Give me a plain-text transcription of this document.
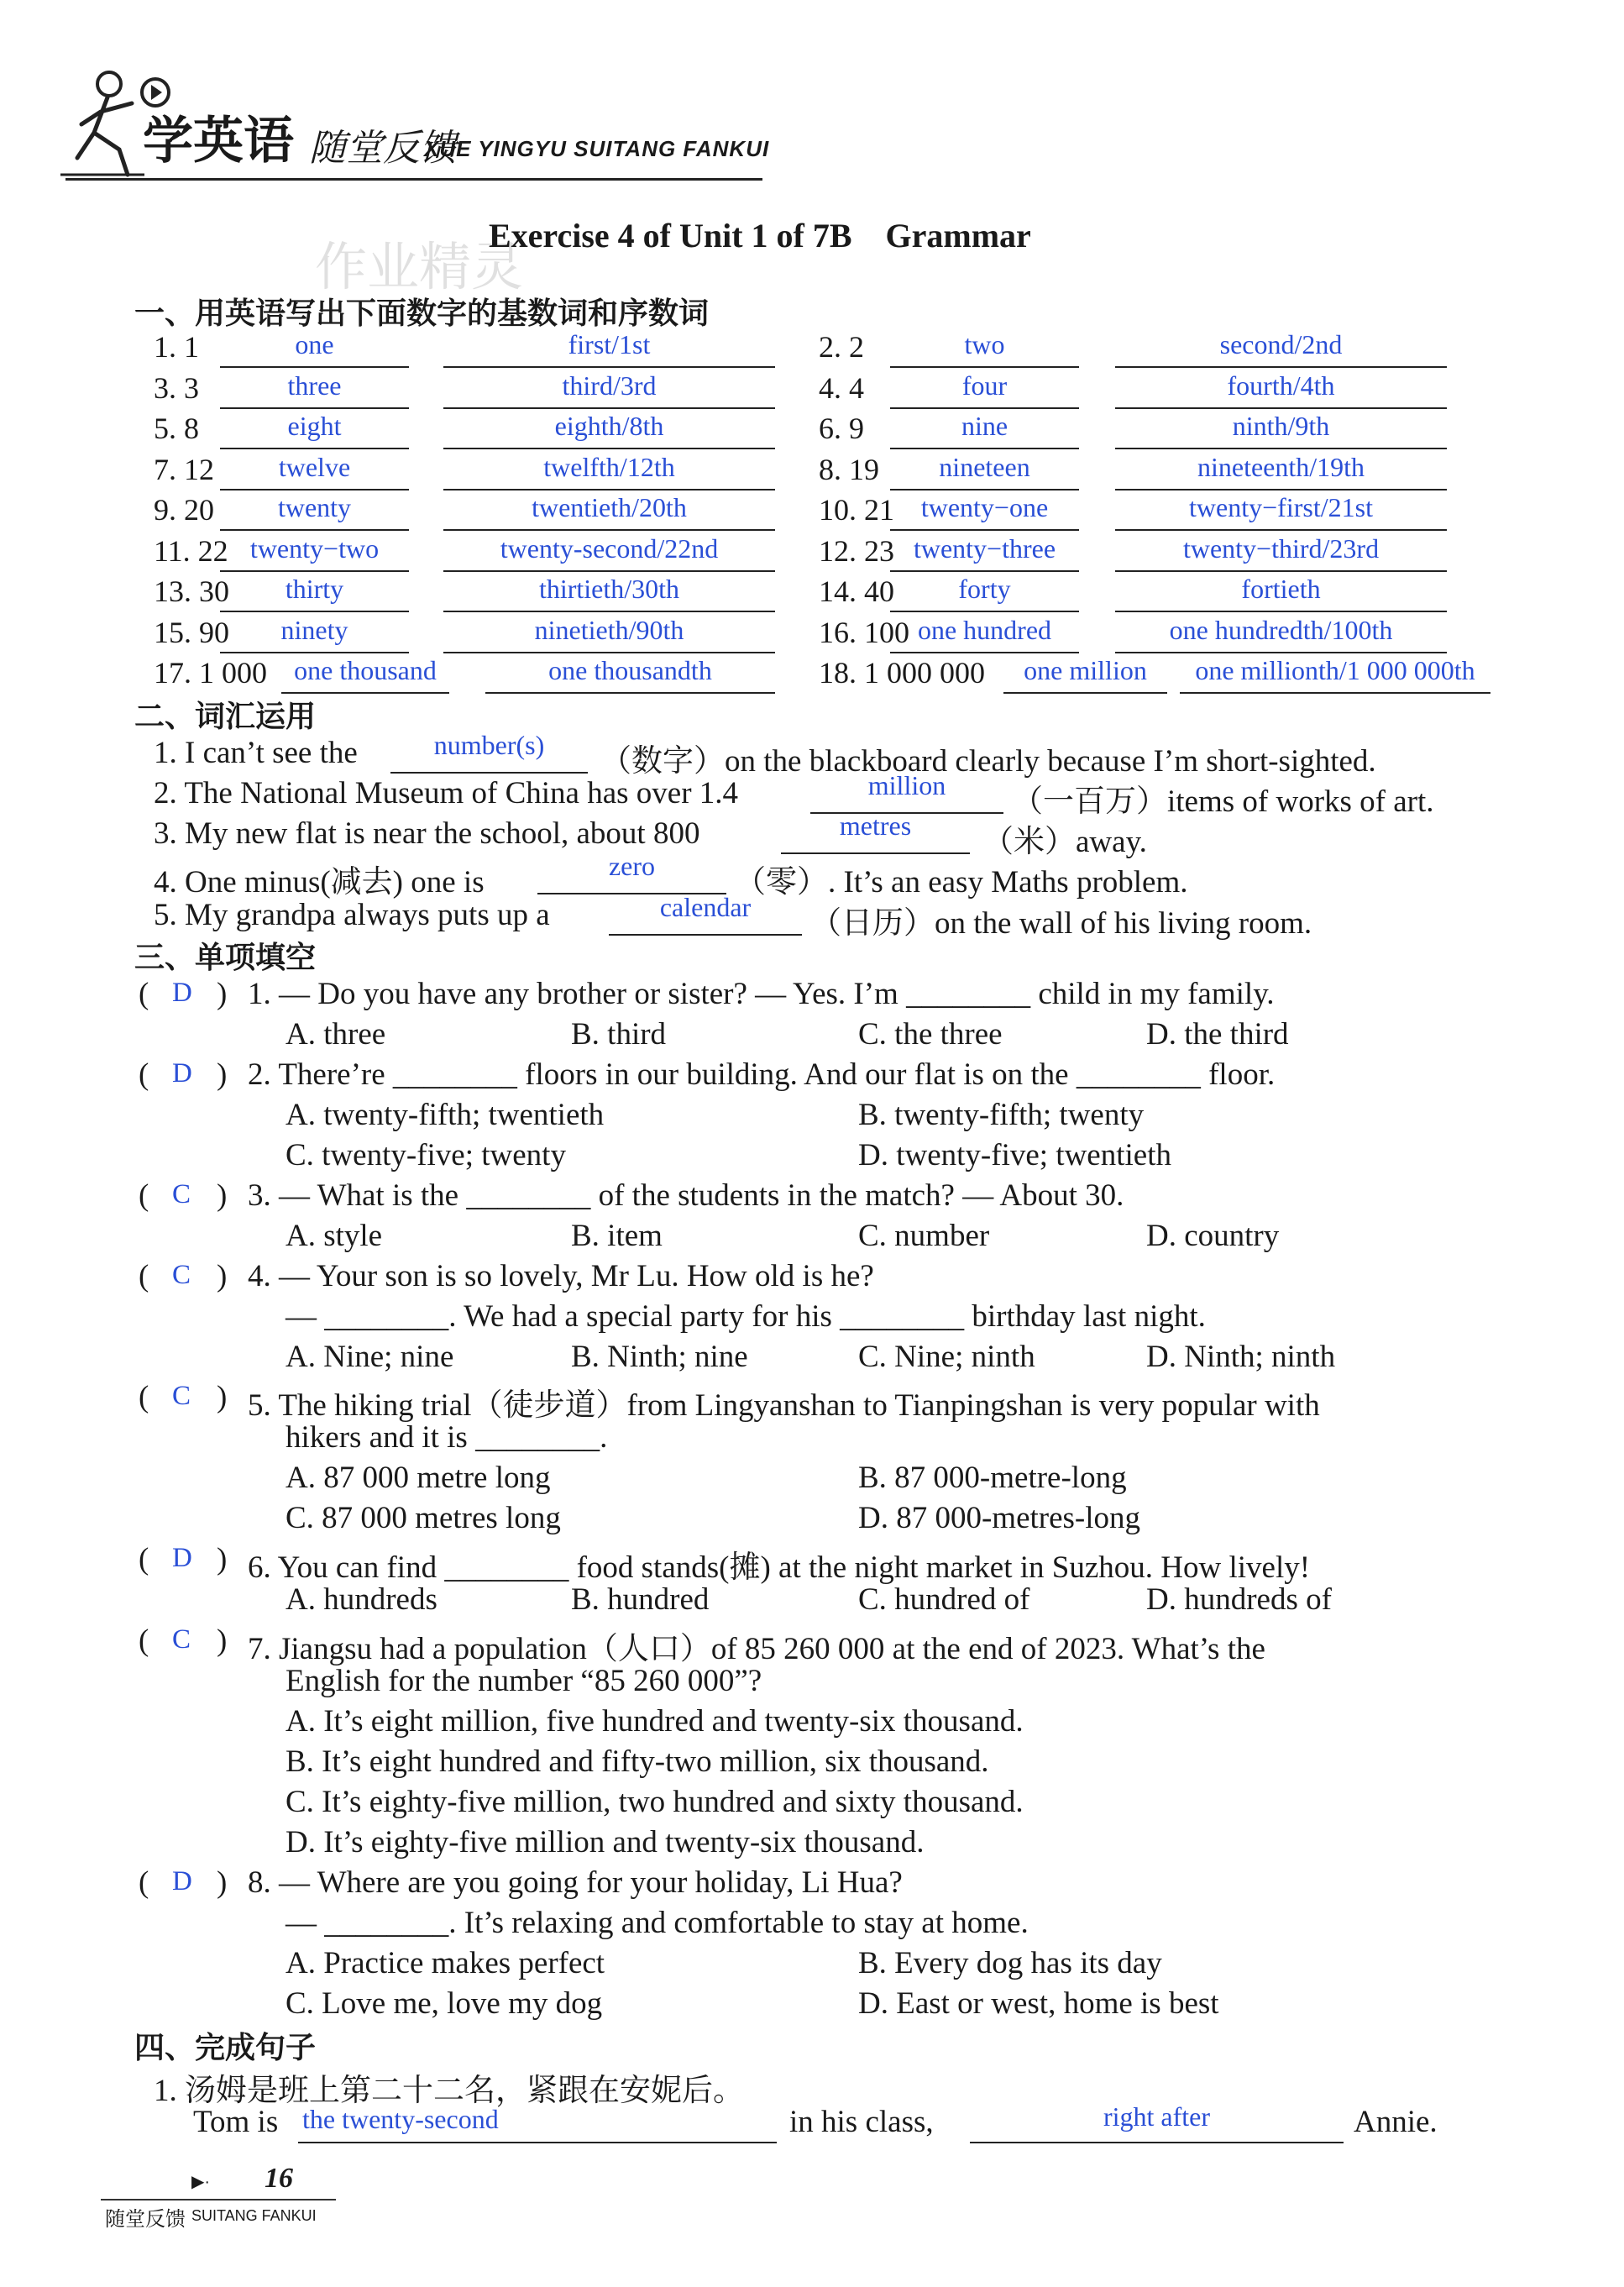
学英语 随堂反馈
XUE YINGYU SUITANG FANKUI
作业精灵
Exercise 4 of Unit 1 of 7B    Grammar
一、用英语写出下面数字的基数词和序数词
1. 1	one	first/1st	2. 2	two	second/2nd
3. 3	three	third/3rd	4. 4	four	fourth/4th
5. 8	eight	eighth/8th	6. 9	nine	ninth/9th
7. 12	twelve	twelfth/12th	8. 19	nineteen	nineteenth/19th
9. 20	twenty	twentieth/20th	10. 21 twenty−one	twenty−first/21st
11. 22 twenty−two	twenty-second/22nd	12. 23 twenty−three	twenty−third/23rd
13. 30	thirty	thirtieth/30th	14. 40	forty	fortieth
15. 90	ninety	ninetieth/90th	16. 100 one hundred	one hundredth/100th
17. 1 000	one thousand	one thousandth	18. 1 000 000	one million	one millionth/1 000 000th
二、词汇运用
1. I can’t see the	number(s)	（数字）on the blackboard clearly because I’m short-sighted.
2. The National Museum of China has over 1.4	million	（一百万）items of works of art.
3. My new flat is near the school, about 800	metres	（米）away.
4. One minus(减去) one is	zero	（零）. It’s an easy Maths problem.
5. My grandpa always puts up a	calendar	（日历）on the wall of his living room.
三、单项填空
( D ) 1. — Do you have any brother or sister? — Yes. I’m ________ child in my family.
A. three	B. third	C. the three	D. the third
( D ) 2. There’re ________ floors in our building. And our flat is on the ________ floor.
A. twenty-fifth; twentieth	B. twenty-fifth; twenty
C. twenty-five; twenty	D. twenty-five; twentieth
( C ) 3. — What is the ________ of the students in the match? — About 30.
A. style	B. item	C. number	D. country
( C ) 4. — Your son is so lovely, Mr Lu. How old is he?
— ________. We had a special party for his ________ birthday last night.
A. Nine; nine	B. Ninth; nine	C. Nine; ninth	D. Ninth; ninth
( C ) 5. The hiking trial（徒步道）from Lingyanshan to Tianpingshan is very popular with
hikers and it is ________.
A. 87 000 metre long	B. 87 000-metre-long
C. 87 000 metres long	D. 87 000-metres-long
( D ) 6. You can find ________ food stands(摊) at the night market in Suzhou. How lively!
A. hundreds	B. hundred	C. hundred of	D. hundreds of
( C ) 7. Jiangsu had a population（人口）of 85 260 000 at the end of 2023. What’s the
English for the number “85 260 000”?
A. It’s eight million, five hundred and twenty-six thousand.
B. It’s eight hundred and fifty-two million, six thousand.
C. It’s eighty-five million, two hundred and sixty thousand.
D. It’s eighty-five million and twenty-six thousand.
( D ) 8. — Where are you going for your holiday, Li Hua?
— ________. It’s relaxing and comfortable to stay at home.
A. Practice makes perfect	B. Every dog has its day
C. Love me, love my dog	D. East or west, home is best
四、完成句子
1. 汤姆是班上第二十二名，紧跟在安妮后。
Tom is the twenty-second	in his class,	right after	Annie.
▶· 16
随堂反馈 SUITANG FANKUI
